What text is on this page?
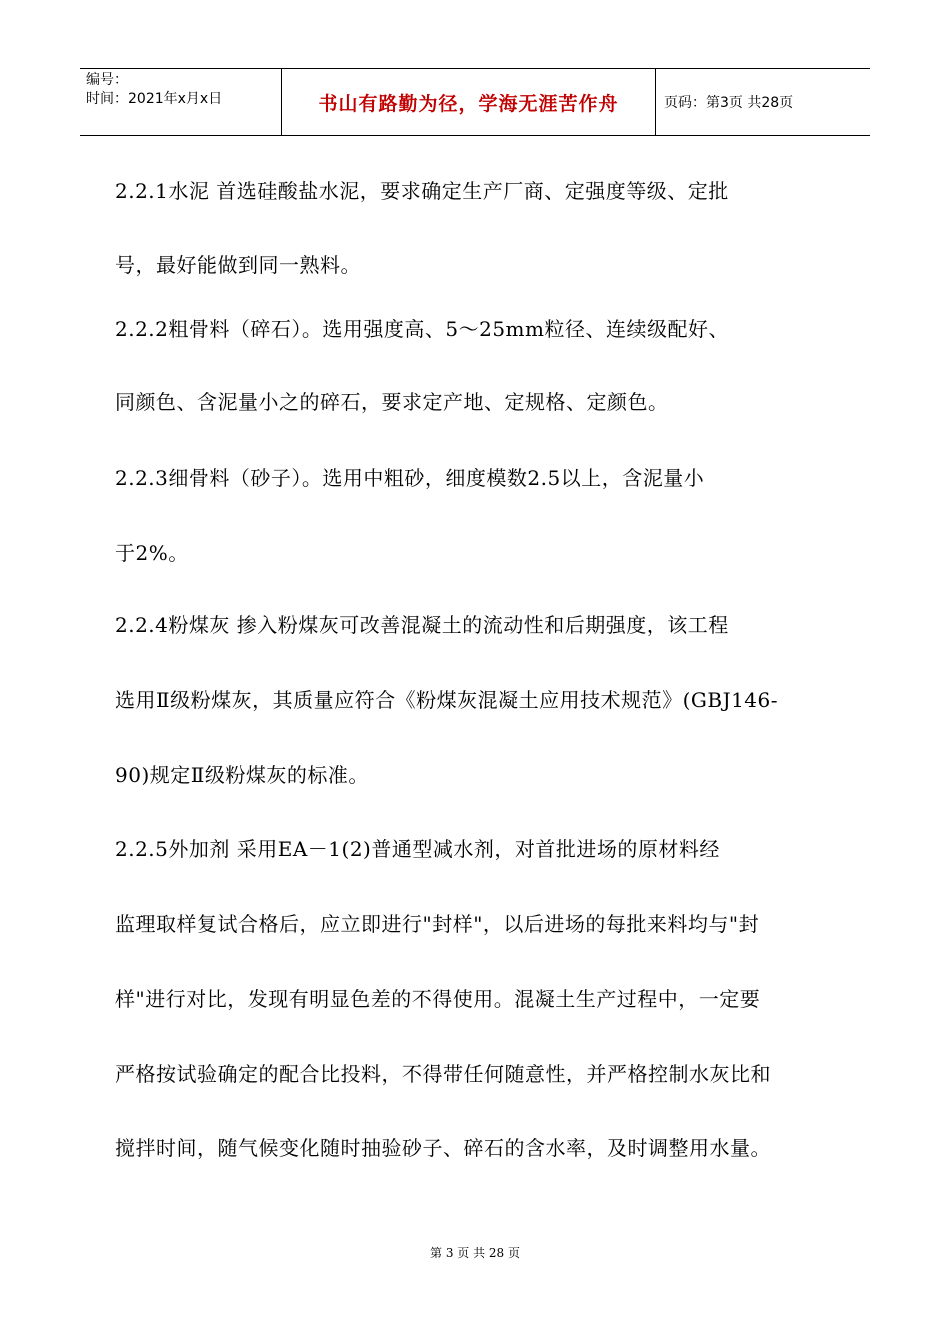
编号：
时间：2021年x月x日	书山有路勤为径，学海无涯苦作舟	页码：第3页 共28页
2.2.1水泥 首选硅酸盐水泥，要求确定生产厂商、定强度等级、定批
号，最好能做到同一熟料。
2.2.2粗骨料（碎石）。选用强度高、5～25mm粒径、连续级配好、
同颜色、含泥量小之的碎石，要求定产地、定规格、定颜色。
2.2.3细骨料（砂子）。选用中粗砂，细度模数2.5以上，含泥量小
于2%。
2.2.4粉煤灰 掺入粉煤灰可改善混凝土的流动性和后期强度，该工程
选用Ⅱ级粉煤灰，其质量应符合《粉煤灰混凝土应用技术规范》(GBJ146-
90)规定Ⅱ级粉煤灰的标准。
2.2.5外加剂 采用EA－1(2)普通型减水剂，对首批进场的原材料经
监理取样复试合格后，应立即进行"封样"，以后进场的每批来料均与"封
样"进行对比，发现有明显色差的不得使用。混凝土生产过程中，一定要
严格按试验确定的配合比投料，不得带任何随意性，并严格控制水灰比和
搅拌时间，随气候变化随时抽验砂子、碎石的含水率，及时调整用水量。
第 3 页 共 28 页
